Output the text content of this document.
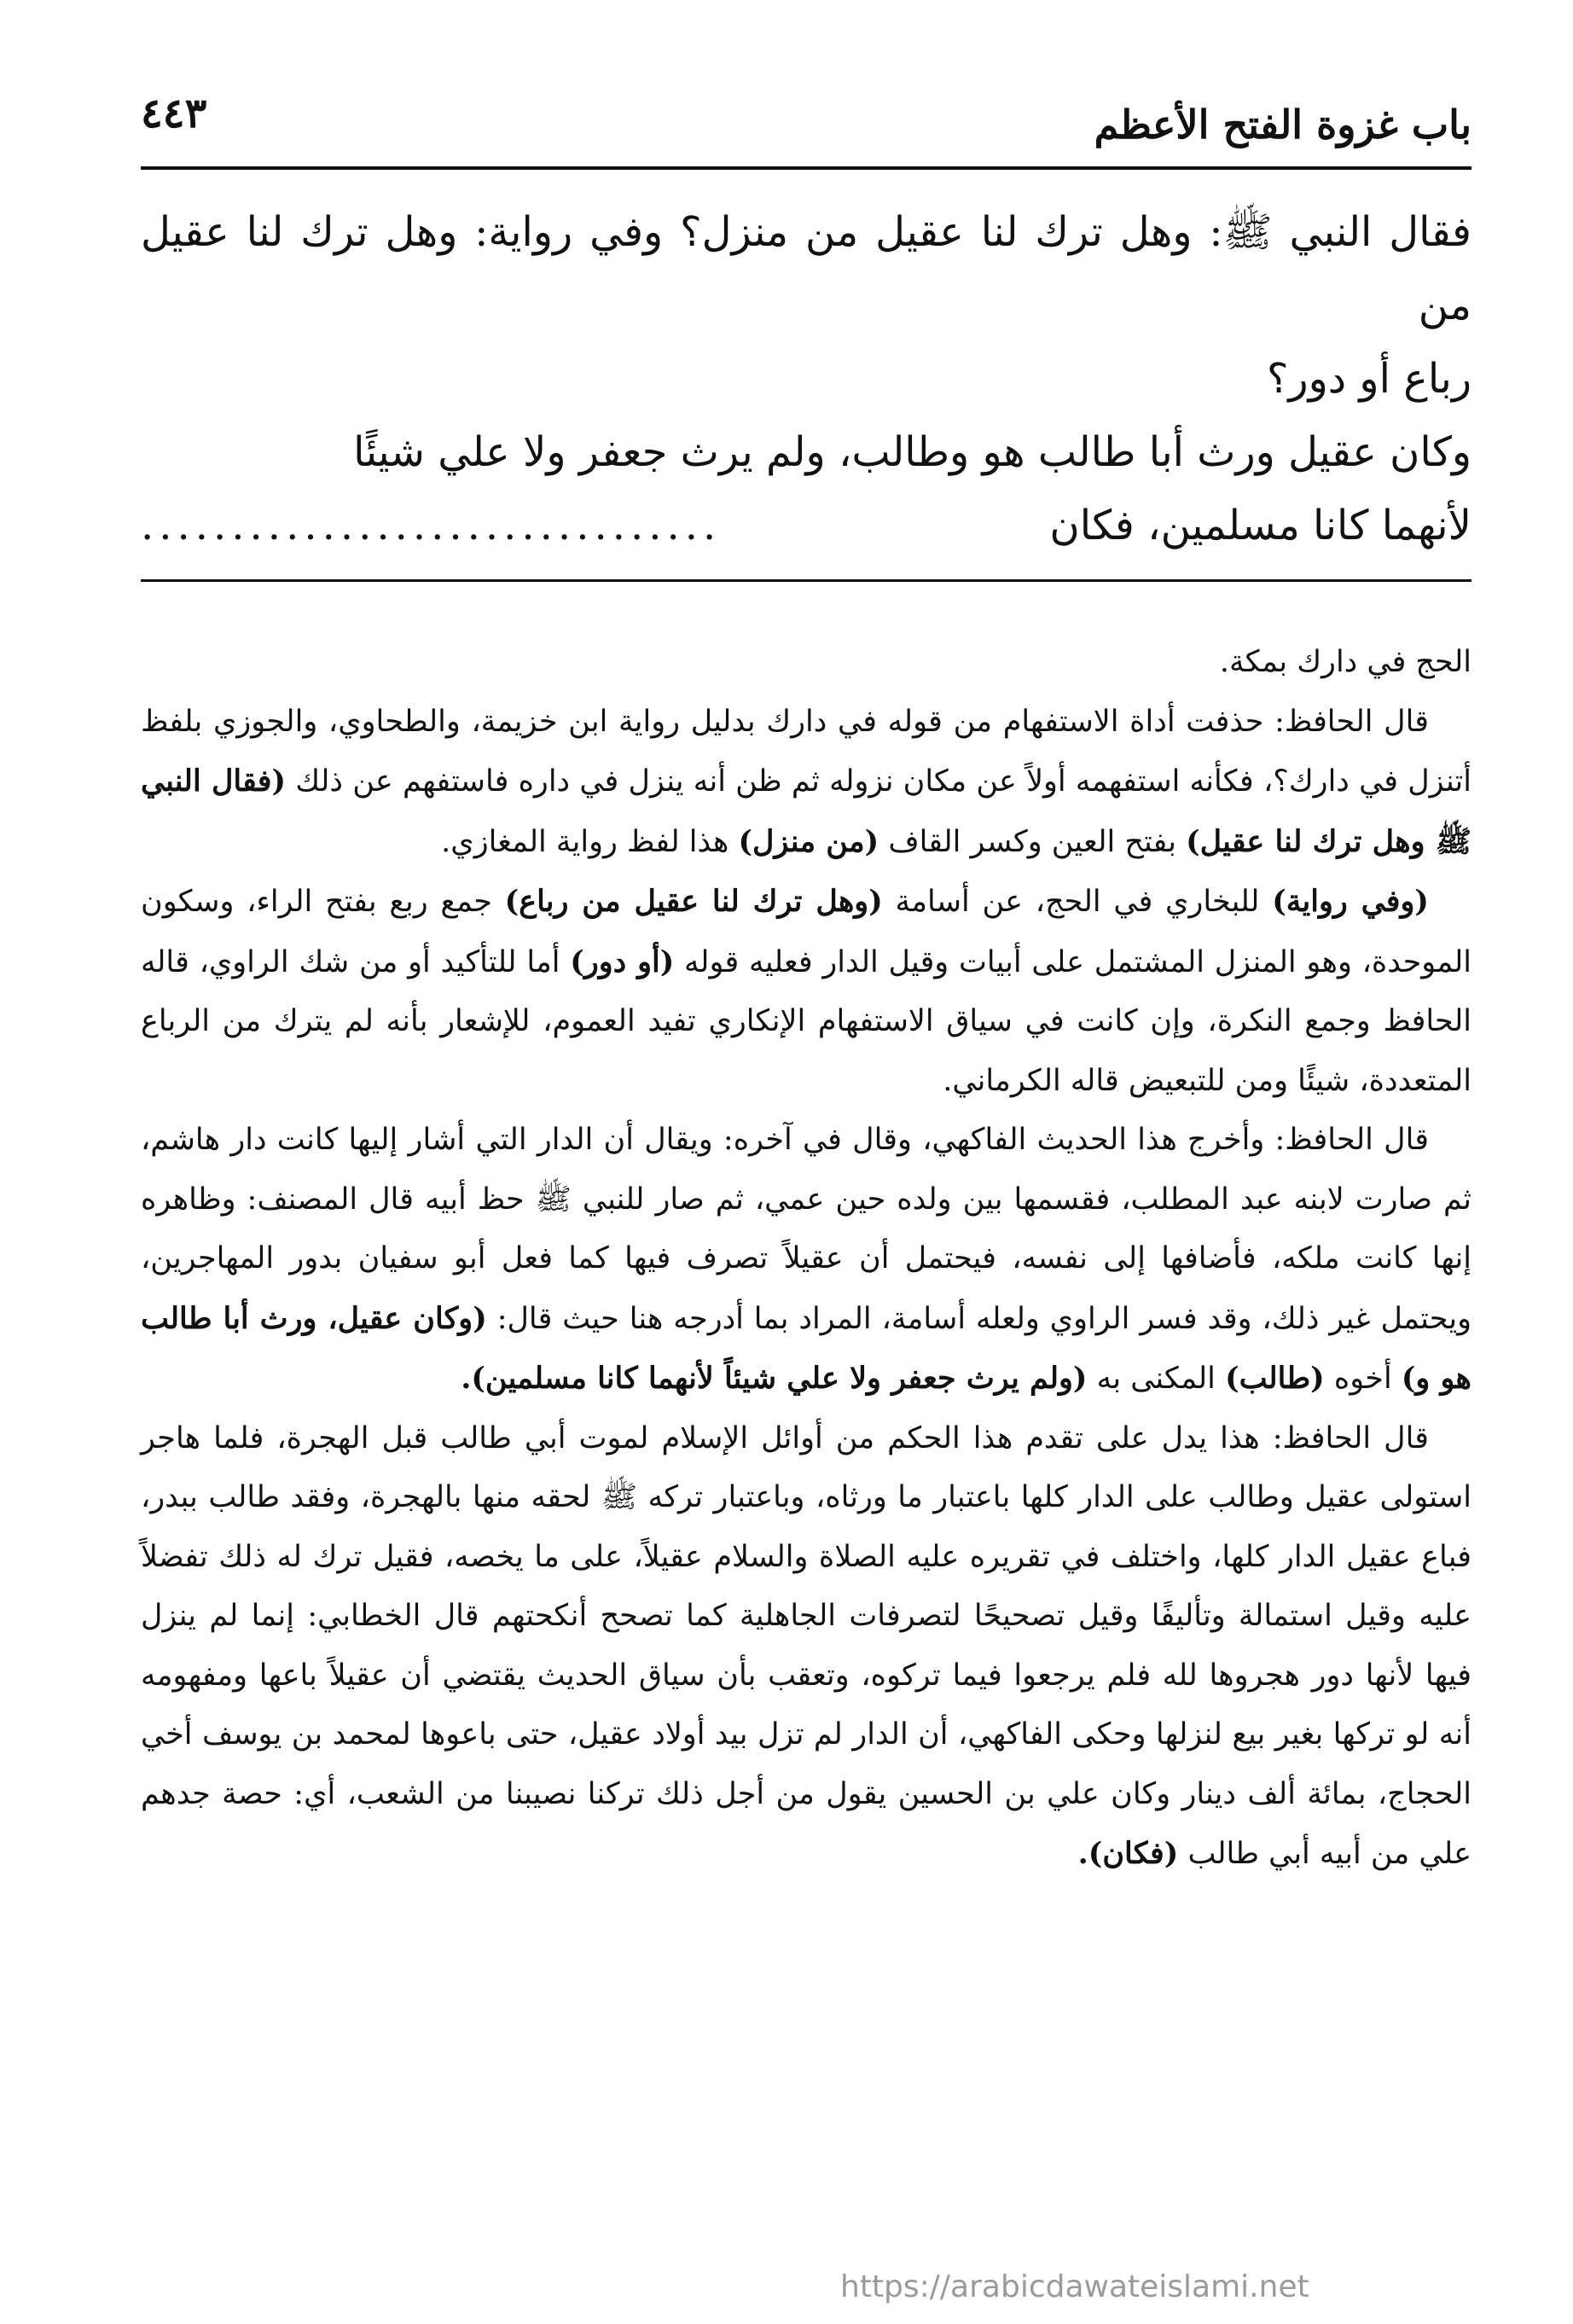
باب غزوة الفتح الأعظم
٤٤٣

فقال النبي ﷺ: وهل ترك لنا عقيل من منزل؟ وفي رواية: وهل ترك لنا عقيل من

رباع أو دور؟

وكان عقيل ورث أبا طالب هو وطالب، ولم يرث جعفر ولا علي شيئًا

لأنهما كانا مسلمين، فكان
................................

الحج في دارك بمكة.

قال الحافظ: حذفت أداة الاستفهام من قوله في دارك بدليل رواية ابن خزيمة، والطحاوي، والجوزي بلفظ أتنزل في دارك؟، فكأنه استفهمه أولاً عن مكان نزوله ثم ظن أنه ينزل في داره فاستفهم عن ذلك (فقال النبي ﷺ وهل ترك لنا عقيل) بفتح العين وكسر القاف (من منزل) هذا لفظ رواية المغازي.

(وفي رواية) للبخاري في الحج، عن أسامة (وهل ترك لنا عقيل من رباع) جمع ربع بفتح الراء، وسكون الموحدة، وهو المنزل المشتمل على أبيات وقيل الدار فعليه قوله (أو دور) أما للتأكيد أو من شك الراوي، قاله الحافظ وجمع النكرة، وإن كانت في سياق الاستفهام الإنكاري تفيد العموم، للإشعار بأنه لم يترك من الرباع المتعددة، شيئًا ومن للتبعيض قاله الكرماني.

قال الحافظ: وأخرج هذا الحديث الفاكهي، وقال في آخره: ويقال أن الدار التي أشار إليها كانت دار هاشم، ثم صارت لابنه عبد المطلب، فقسمها بين ولده حين عمي، ثم صار للنبي ﷺ حظ أبيه قال المصنف: وظاهره إنها كانت ملكه، فأضافها إلى نفسه، فيحتمل أن عقيلاً تصرف فيها كما فعل أبو سفيان بدور المهاجرين، ويحتمل غير ذلك، وقد فسر الراوي ولعله أسامة، المراد بما أدرجه هنا حيث قال: (وكان عقيل، ورث أبا طالب هو و) أخوه (طالب) المكنى به (ولم يرث جعفر ولا علي شيئاً لأنهما كانا مسلمين).

قال الحافظ: هذا يدل على تقدم هذا الحكم من أوائل الإسلام لموت أبي طالب قبل الهجرة، فلما هاجر استولى عقيل وطالب على الدار كلها باعتبار ما ورثاه، وباعتبار تركه ﷺ لحقه منها بالهجرة، وفقد طالب ببدر، فباع عقيل الدار كلها، واختلف في تقريره عليه الصلاة والسلام عقيلاً، على ما يخصه، فقيل ترك له ذلك تفضلاً عليه وقيل استمالة وتأليفًا وقيل تصحيحًا لتصرفات الجاهلية كما تصحح أنكحتهم قال الخطابي: إنما لم ينزل فيها لأنها دور هجروها لله فلم يرجعوا فيما تركوه، وتعقب بأن سياق الحديث يقتضي أن عقيلاً باعها ومفهومه أنه لو تركها بغير بيع لنزلها وحكى الفاكهي، أن الدار لم تزل بيد أولاد عقيل، حتى باعوها لمحمد بن يوسف أخي الحجاج، بمائة ألف دينار وكان علي بن الحسين يقول من أجل ذلك تركنا نصيبنا من الشعب، أي: حصة جدهم علي من أبيه أبي طالب (فكان).

https://arabicdawateislami.net
